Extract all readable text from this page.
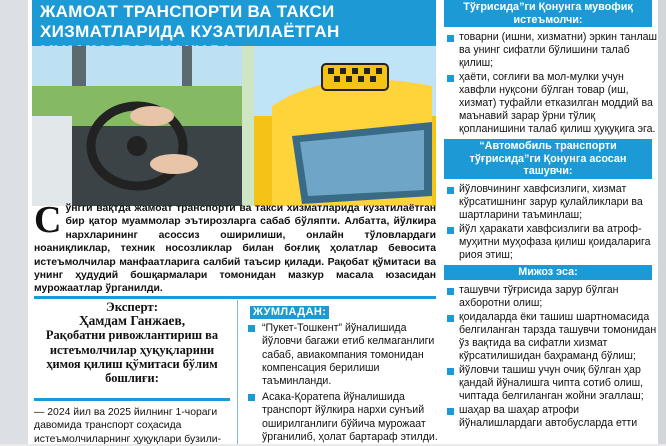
ЖАМОАТ ТРАНСПОРТИ ВА ТАКСИ
ХИЗМАТЛАРИДА КУЗАТИЛАЁТГАН
Сўнгги вақтда жамоат транспорти ва такси хизматларида кузатилаётган бир қатор муаммолар эътирозларга сабаб бўляпти. Албатта, йўлкира нархларининг асоссиз оширилиши, онлайн тўловлардаги ноаниқликлар, техник носозликлар билан боғлиқ ҳолатлар бевосита истеъмолчилар манфаатларига салбий таъсир қилади. Рақобат қўмитаси ва унинг ҳудудий бошқармалари томонидан мазкур масала юзасидан мурожаатлар ўрганилди.
Эксперт:
Ҳамдам Ганжаев,
Рақобатни ривожлантириш ва истеъмолчилар ҳуқуқларини ҳимоя қилиш қўмитаси бўлим бошлиғи:
— 2024 йил ва 2025 йилнинг 1-чораги давомида транспорт соҳасида истеъмолчиларнинг ҳуқуқлари бузили-
ЖУМЛАДАН:
“Пукет-Тошкент” йўналишида йўловчи багажи етиб келмаганлиги сабаб, авиакомпания томонидан компенсация берилиши таъминланди.
Асака-Қоратепа йўналишида транспорт йўлкира нархи сунъий оширилганлиги бўйича мурожаат ўрганилиб, ҳолат бартараф этилди.
Тўғрисида”ги Қонунга мувофиқ истеъмолчи:
товарни (ишни, хизматни) эркин танлаш ва унинг сифатли бўлишини талаб қилиш;
ҳаёти, соғлиғи ва мол-мулки учун хавфли нуқсони бўлган товар (иш, хизмат) туфайли етказилган моддий ва маънавий зарар ўрни тўлиқ қопланишини талаб қилиш ҳуқуқига эга.
“Автомобиль транспорти тўғрисида”ги Қонунга асосан ташувчи:
йўловчининг хавфсизлиги, хизмат кўрсатишнинг зарур қулайликлари ва шартларини таъминлаш;
йўл ҳаракати хавфсизлиги ва атроф-муҳитни муҳофаза қилиш қоидаларига риоя этиш;
Мижоз эса:
ташувчи тўғрисида зарур бўлган ахборотни олиш;
қоидаларда ёки ташиш шартномасида белгиланган тарзда ташувчи томонидан ўз вақтида ва сифатли хизмат кўрсатилишидан баҳраманд бўлиш;
йўловчи ташиш учун очиқ бўлган ҳар қандай йўналишга чипта сотиб олиш, чиптада белгиланган жойни эгаллаш;
шаҳар ва шаҳар атрофи йўналишлардаги автобусларда етти
